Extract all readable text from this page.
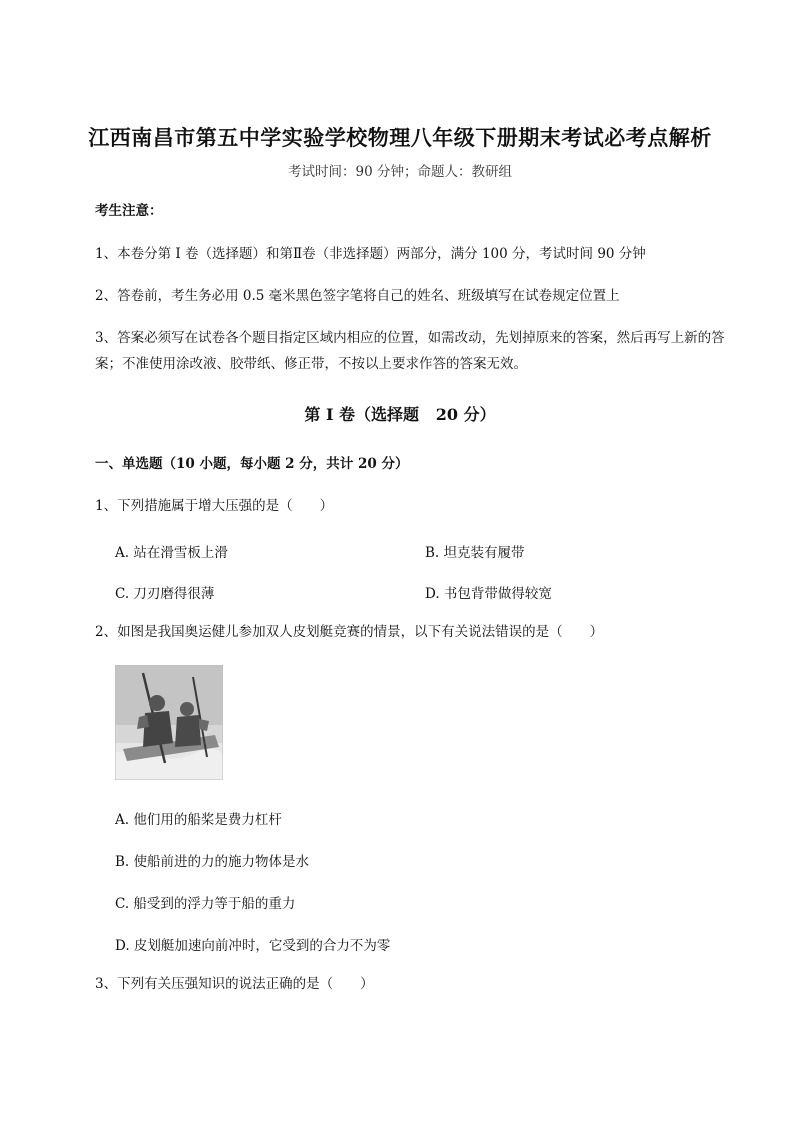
江西南昌市第五中学实验学校物理八年级下册期末考试必考点解析
考试时间：90 分钟；命题人：教研组
考生注意：
1、本卷分第 I 卷（选择题）和第Ⅱ卷（非选择题）两部分，满分 100 分，考试时间 90 分钟
2、答卷前，考生务必用 0.5 毫米黑色签字笔将自己的姓名、班级填写在试卷规定位置上
3、答案必须写在试卷各个题目指定区域内相应的位置，如需改动，先划掉原来的答案，然后再写上新的答案；不准使用涂改液、胶带纸、修正带，不按以上要求作答的答案无效。
第 I 卷（选择题   20 分）
一、单选题（10 小题，每小题 2 分，共计 20 分）
1、下列措施属于增大压强的是（　　）
A. 站在滑雪板上滑	B. 坦克装有履带
C. 刀刃磨得很薄	D. 书包背带做得较宽
2、如图是我国奥运健儿参加双人皮划艇竞赛的情景，以下有关说法错误的是（　　）
A. 他们用的船桨是费力杠杆
B. 使船前进的力的施力物体是水
C. 船受到的浮力等于船的重力
D. 皮划艇加速向前冲时，它受到的合力不为零
3、下列有关压强知识的说法正确的是（　　）
